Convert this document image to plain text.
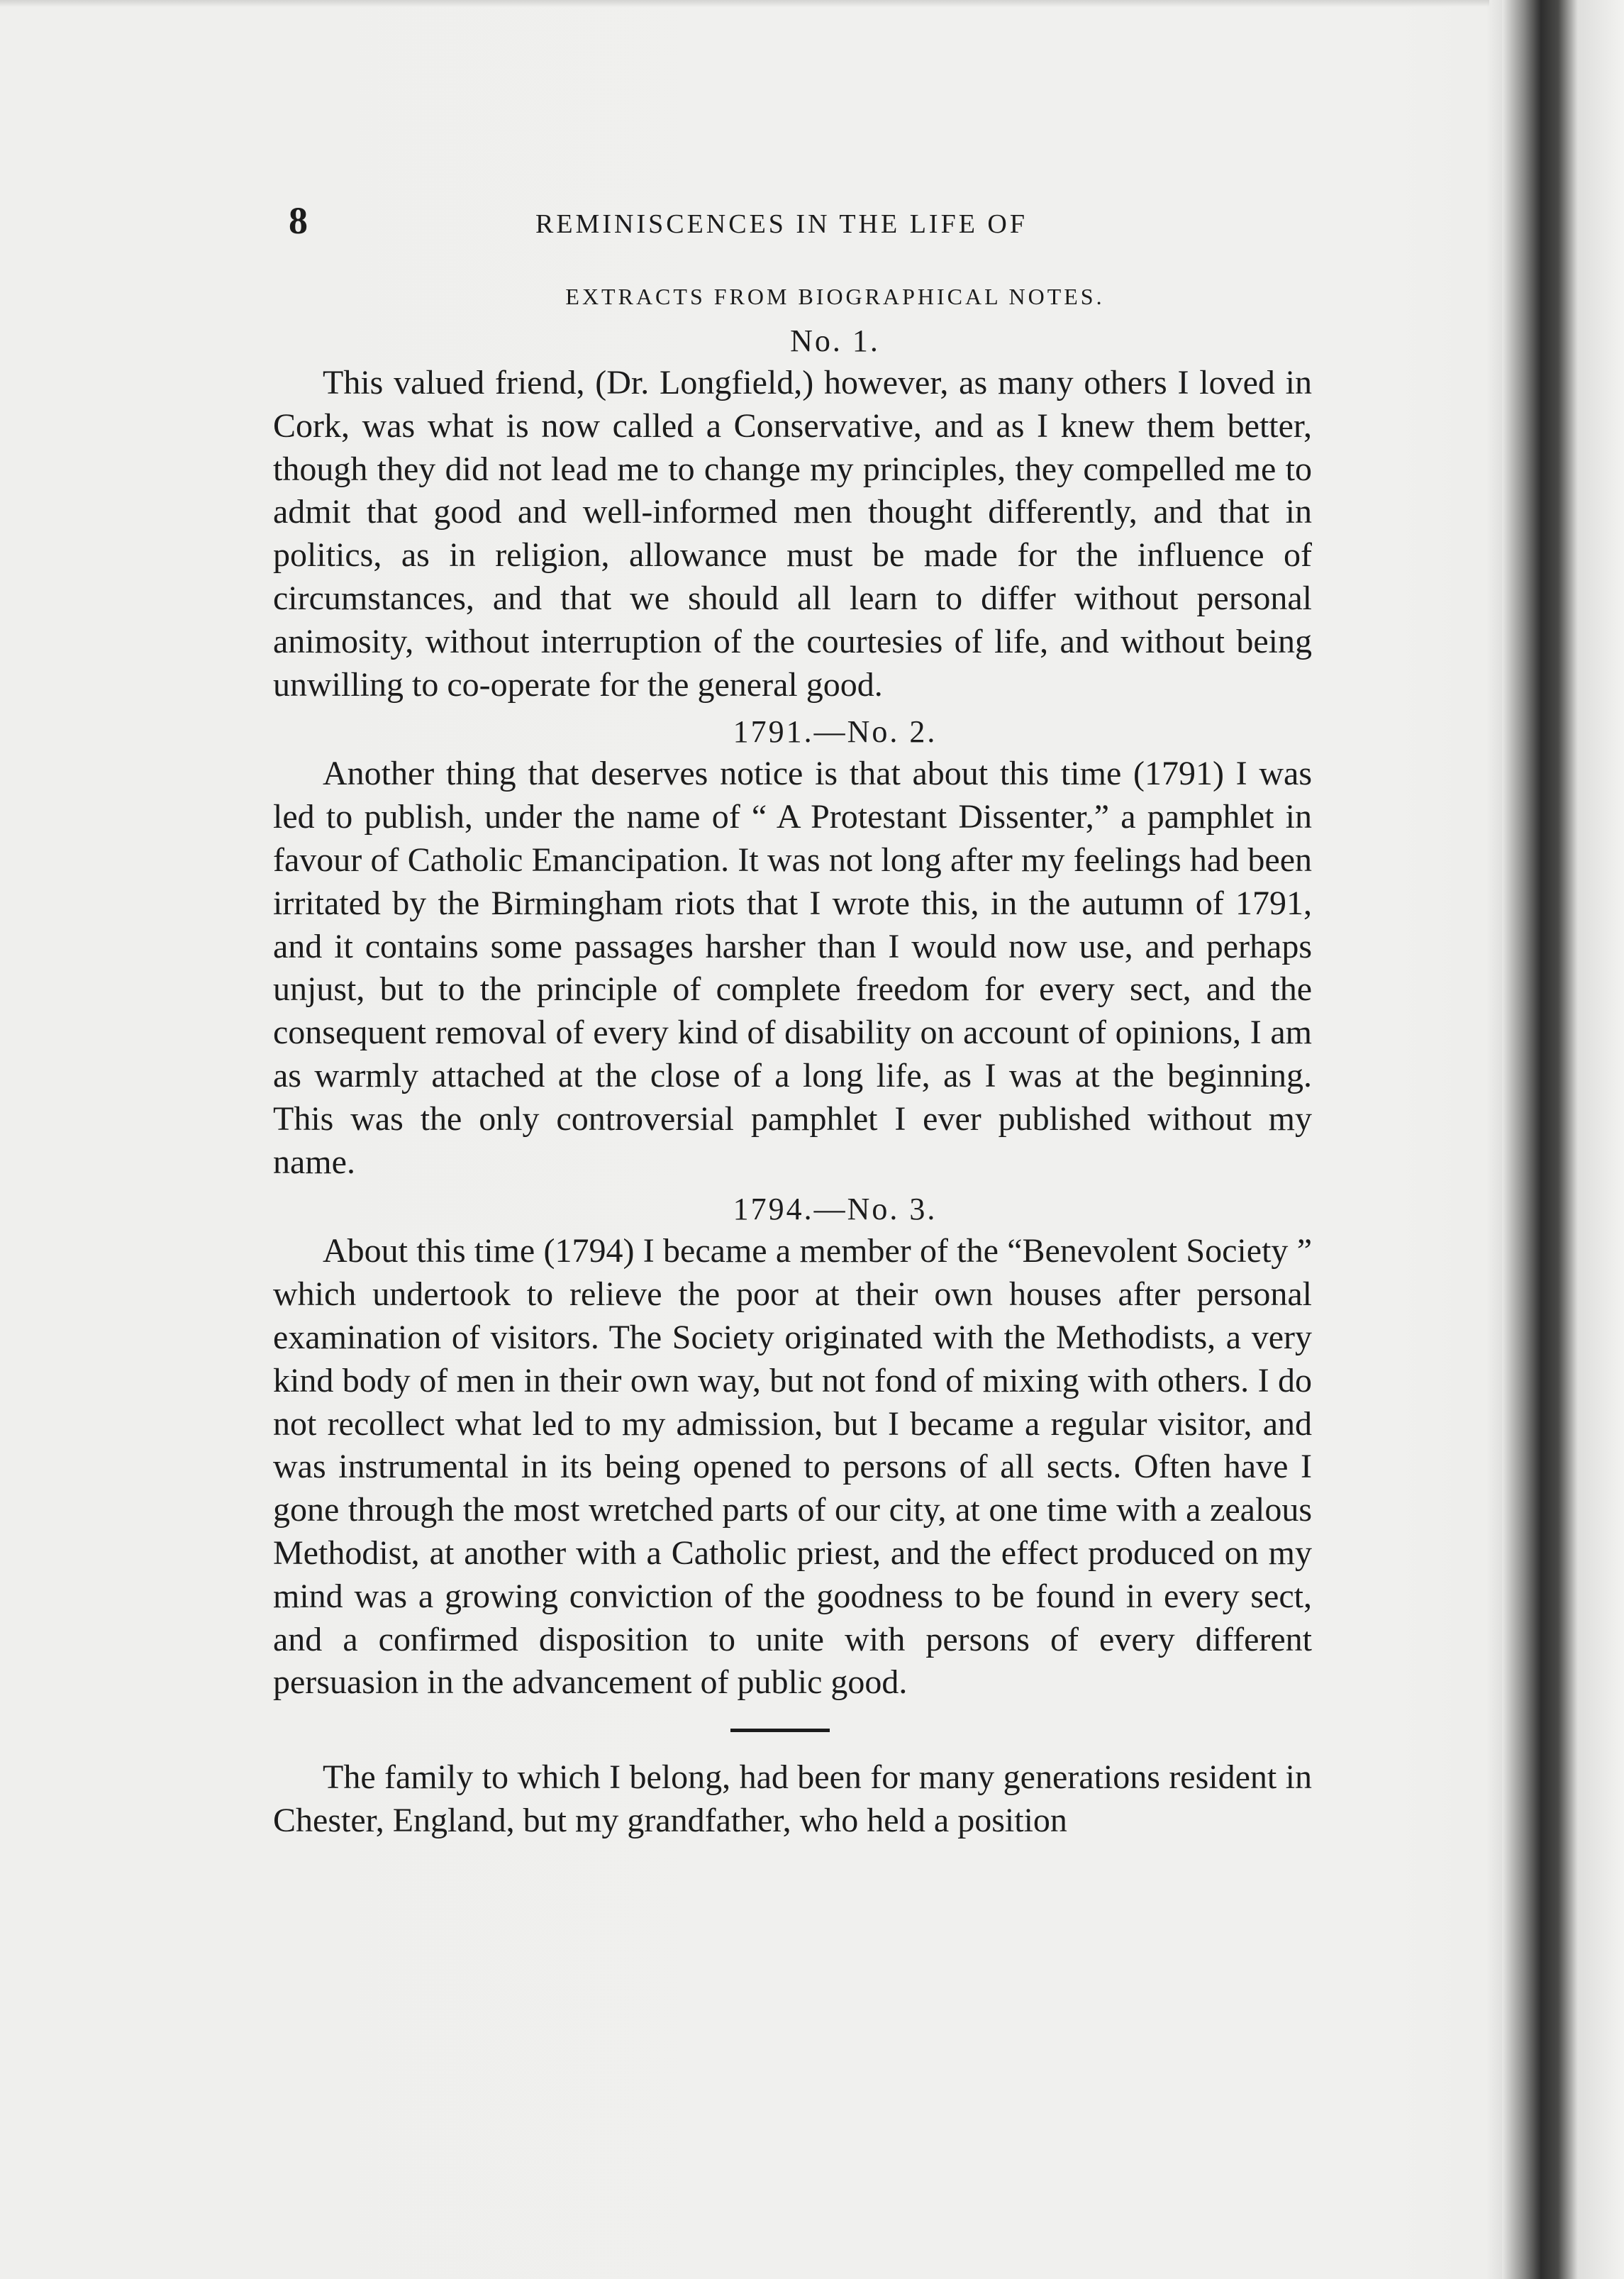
8	REMINISCENCES IN THE LIFE OF
EXTRACTS FROM BIOGRAPHICAL NOTES.
No. 1.

This valued friend, (Dr. Longfield,) however, as many others I loved in Cork, was what is now called a Conservative, and as I knew them better, though they did not lead me to change my principles, they compelled me to admit that good and well-informed men thought differently, and that in politics, as in religion, allowance must be made for the influence of circumstances, and that we should all learn to differ without personal animosity, without interruption of the courtesies of life, and without being unwilling to co-operate for the general good.

1791.—No. 2.

Another thing that deserves notice is that about this time (1791) I was led to publish, under the name of “ A Protestant Dissenter,” a pamphlet in favour of Catholic Emancipation. It was not long after my feelings had been irritated by the Birmingham riots that I wrote this, in the autumn of 1791, and it contains some passages harsher than I would now use, and perhaps unjust, but to the principle of complete freedom for every sect, and the consequent removal of every kind of disability on account of opinions, I am as warmly attached at the close of a long life, as I was at the beginning. This was the only controversial pamphlet I ever published without my name.

1794.—No. 3.

About this time (1794) I became a member of the “Benevolent Society ” which undertook to relieve the poor at their own houses after personal examination of visitors. The Society originated with the Methodists, a very kind body of men in their own way, but not fond of mixing with others. I do not recollect what led to my admission, but I became a regular visitor, and was instrumental in its being opened to persons of all sects. Often have I gone through the most wretched parts of our city, at one time with a zealous Methodist, at another with a Catholic priest, and the effect produced on my mind was a growing conviction of the goodness to be found in every sect, and a confirmed disposition to unite with persons of every different persuasion in the advancement of public good.

The family to which I belong, had been for many generations resident in Chester, England, but my grandfather, who held a position
